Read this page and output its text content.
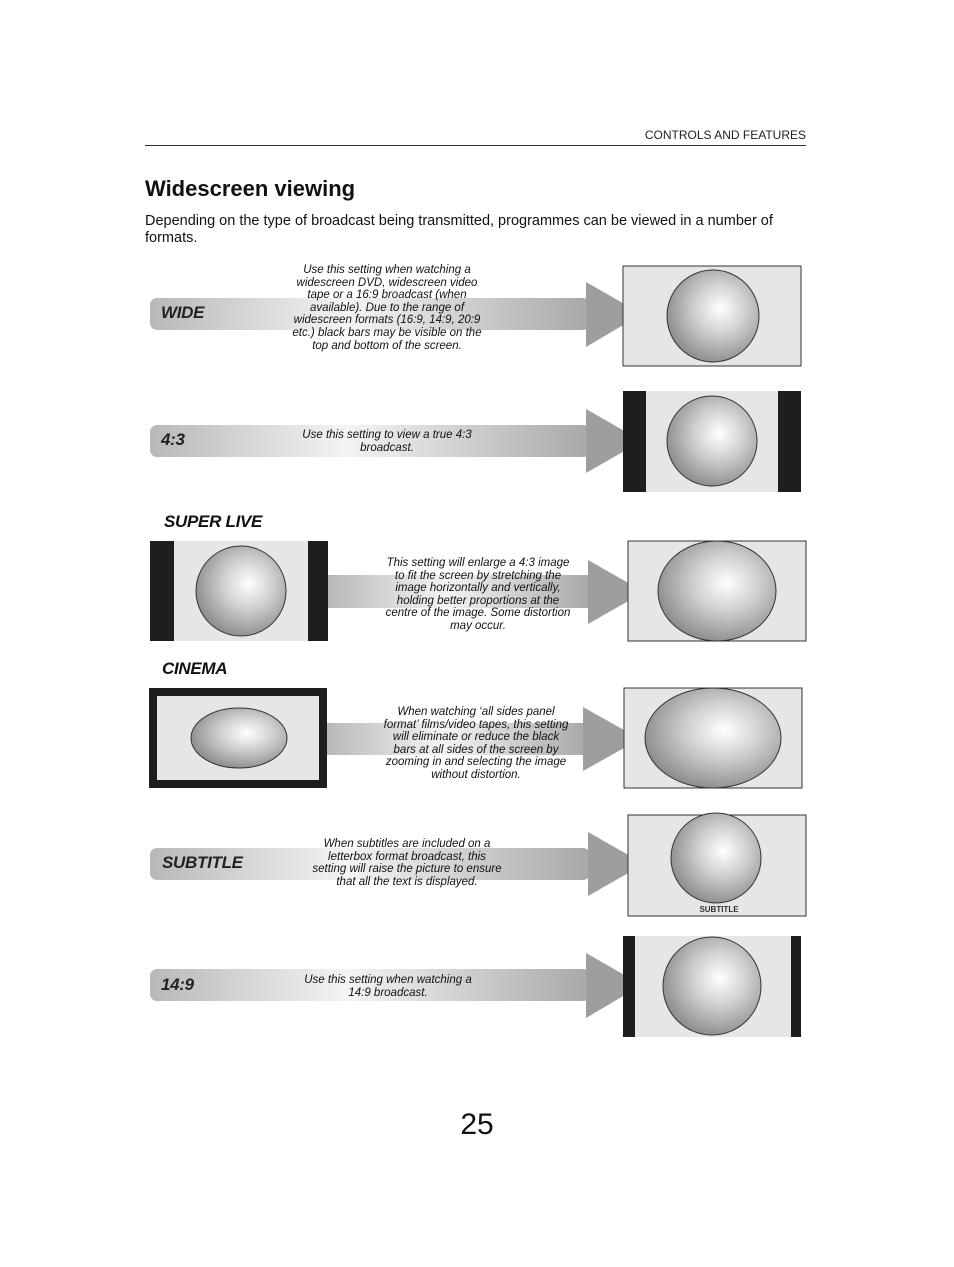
CONTROLS AND FEATURES
Widescreen viewing
Depending on the type of broadcast being transmitted, programmes can be viewed in a number of formats.
SUBTITLE
WIDE
4:3
SUPER LIVE
CINEMA
SUBTITLE
14:9
Use this setting when watching a widescreen DVD, widescreen video tape or a 16:9 broadcast (when available). Due to the range of widescreen formats (16:9, 14:9, 20:9 etc.) black bars may be visible on the top and bottom of the screen.
Use this setting to view a true 4:3 broadcast.
This setting will enlarge a 4:3 image to fit the screen by stretching the image horizontally and vertically, holding better proportions at the centre of the image. Some distortion may occur.
When watching ‘all sides panel format’ films/video tapes, this setting will eliminate or reduce the black bars at all sides of the screen by zooming in and selecting the image without distortion.
When subtitles are included on a letterbox format broadcast, this setting will raise the picture to ensure that all the text is displayed.
Use this setting when watching a 14:9 broadcast.
25
